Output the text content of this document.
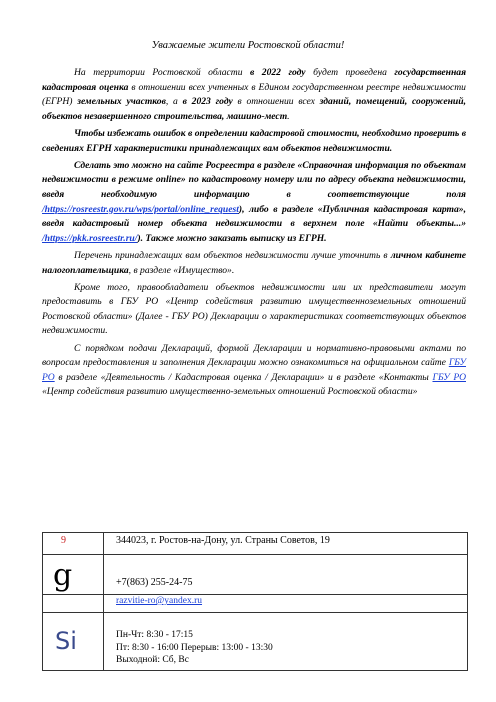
Уважаемые жители Ростовской области!

На территории Ростовской области в 2022 году будет проведена государственная кадастровая оценка в отношении всех учтенных в Едином государственном реестре недвижимости (ЕГРН) земельных участков, а в 2023 году в отношении всех зданий, помещений, сооружений, объектов незавершенного строительства, машино-мест.

Чтобы избежать ошибок в определении кадастровой стоимости, необходимо проверить в сведениях ЕГРН характеристики принадлежащих вам объектов недвижимости.

Сделать это можно на сайте Росреестра в разделе «Справочная информация по объектам недвижимости в режиме online» по кадастровому номеру или по адресу объекта недвижимости, введя необходимую информацию в соответствующие поля /https://rosreestr.gov.ru/wps/portal/online_request), либо в разделе «Публичная кадастровая карта», введя кадастровый номер объекта недвижимости в верхнем поле «Найти объекты...» /https://pkk.rosreestr.ru/). Также можно заказать выписку из ЕГРН.

Перечень принадлежащих вам объектов недвижимости лучше уточнить в личном кабинете налогоплательщика, в разделе «Имущество».

Кроме того, правообладатели объектов недвижимости или их представители могут предоставить в ГБУ РО «Центр содействия развитию имущественноземельных отношений Ростовской области» (Далее - ГБУ РО) Декларации о характеристиках соответствующих объектов недвижимости.

С порядком подачи Деклараций, формой Декларации и нормативно-правовыми актами по вопросам предоставления и заполнения Декларации можно ознакомиться на официальном сайте ГБУ РО в разделе «Деятельность / Кадастровая оценка / Декларации» и в разделе «Контакты ГБУ РО «Центр содействия развитию имущественно-земельных отношений Ростовской области»

9	344023, г. Ростов-на-Дону, ул. Страны Советов, 19

g	+7(863) 255-24-75

	razvitie-ro@yandex.ru

Si	Пн-Чт: 8:30 - 17:15
Пт: 8:30 - 16:00 Перерыв: 13:00 - 13:30
Выходной: Сб, Вс
